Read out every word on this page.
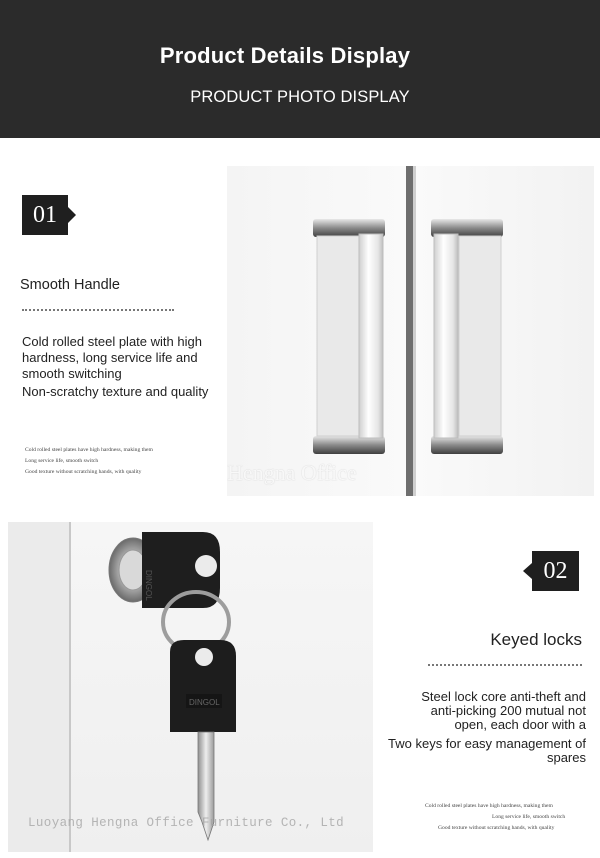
Product Details Display
PRODUCT PHOTO DISPLAY
01
Smooth Handle
Cold rolled steel plate with high hardness, long service life and smooth switching
Non-scratchy texture and quality
Cold rolled steel plates have high hardness, making them
Long service life, smooth switch
Good texture without scratching hands, with quality	Hengna Office
DINGOL
DINGOL
Luoyang Hengna Office Furniture Co., Ltd
02
Keyed locks
Steel lock core anti-theft and anti-picking 200 mutual not open, each door with a
Two keys for easy management of spares
Cold rolled steel plates have high hardness, making them
Long service life, smooth switch
Good texture without scratching hands, with quality
